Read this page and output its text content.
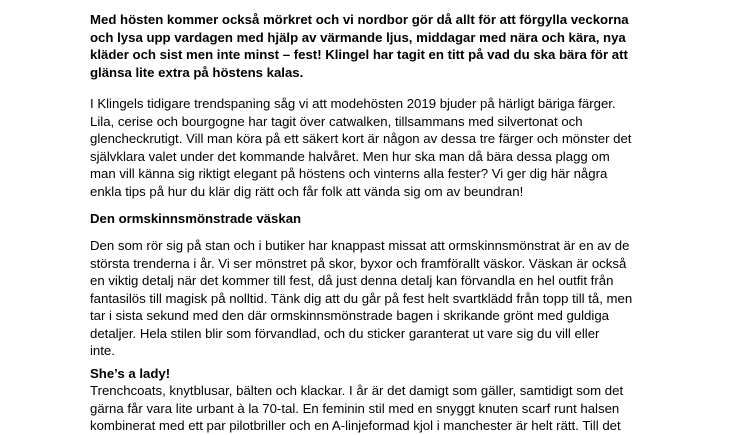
Med hösten kommer också mörkret och vi nordbor gör då allt för att förgylla veckorna
och lysa upp vardagen med hjälp av värmande ljus, middagar med nära och kära, nya
kläder och sist men inte minst – fest! Klingel har tagit en titt på vad du ska bära för att
glänsa lite extra på höstens kalas.

I Klingels tidigare trendspaning såg vi att modehösten 2019 bjuder på härligt bäriga färger.
Lila, cerise och bourgogne har tagit över catwalken, tillsammans med silvertonat och
glencheckrutigt. Vill man köra på ett säkert kort är någon av dessa tre färger och mönster det
självklara valet under det kommande halvåret. Men hur ska man då bära dessa plagg om
man vill känna sig riktigt elegant på höstens och vinterns alla fester? Vi ger dig här några
enkla tips på hur du klär dig rätt och får folk att vända sig om av beundran!

Den ormskinnsmönstrade väskan

Den som rör sig på stan och i butiker har knappast missat att ormskinnsmönstrat är en av de
största trenderna i år. Vi ser mönstret på skor, byxor och framförallt väskor. Väskan är också
en viktig detalj när det kommer till fest, då just denna detalj kan förvandla en hel outfit från
fantasilös till magisk på nolltid. Tänk dig att du går på fest helt svartklädd från topp till tå, men
tar i sista sekund med den där ormskinnsmönstrade bagen i skrikande grönt med guldiga
detaljer. Hela stilen blir som förvandlad, och du sticker garanterat ut vare sig du vill eller
inte.

She’s a lady!

Trenchcoats, knytblusar, bälten och klackar. I år är det damigt som gäller, samtidigt som det
gärna får vara lite urbant à la 70-tal. En feminin stil med en snyggt knuten scarf runt halsen
kombinerat med ett par pilotbriller och en A-linjeformad kjol i manchester är helt rätt. Till det
